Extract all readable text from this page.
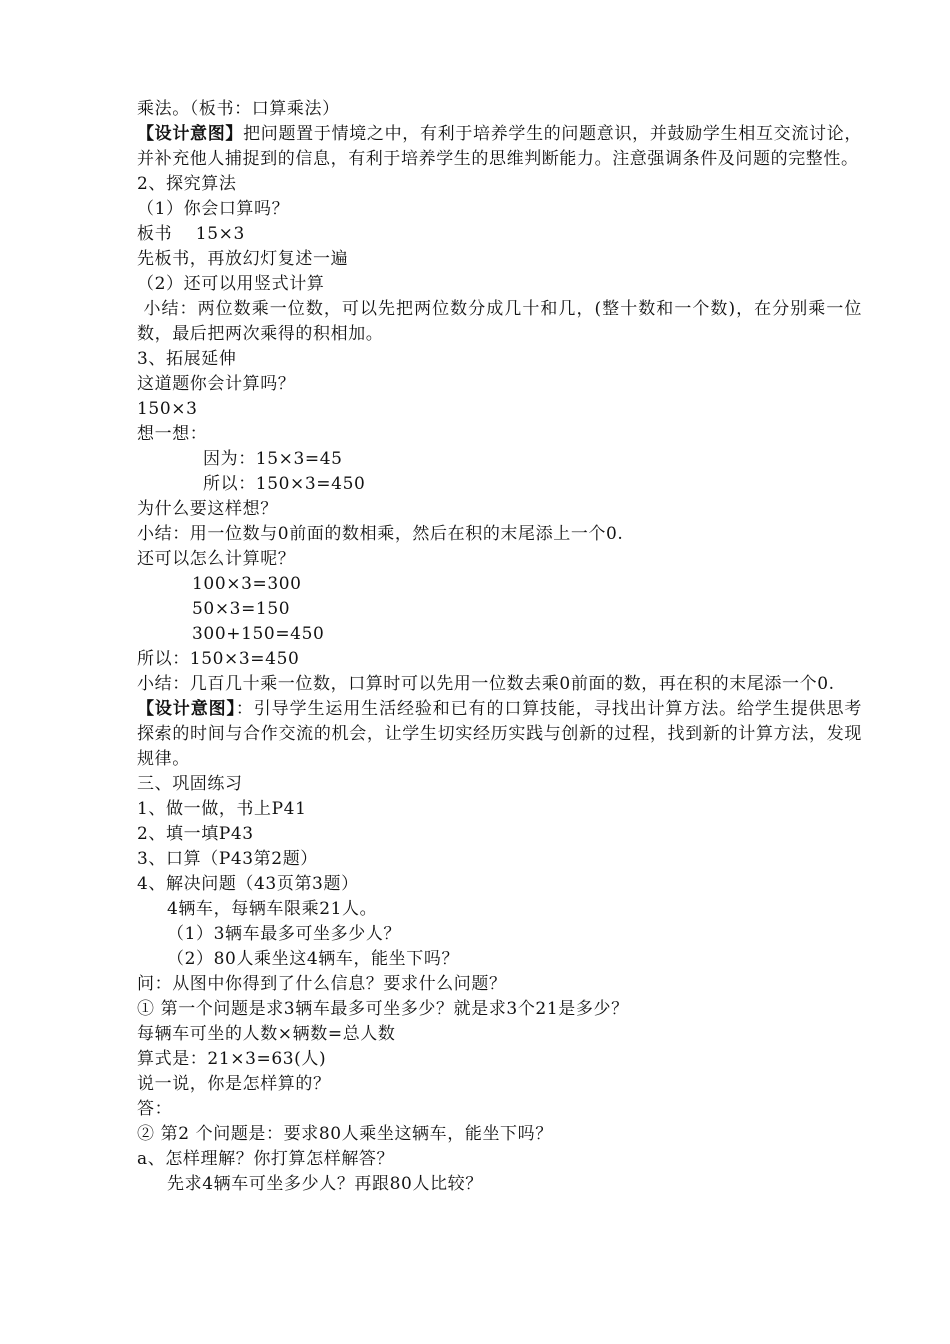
乘法。（板书：口算乘法）

【设计意图】把问题置于情境之中，有利于培养学生的问题意识，并鼓励学生相互交流讨论，并补充他人捕捉到的信息，有利于培养学生的思维判断能力。注意强调条件及问题的完整性。

2、探究算法

（1）你会口算吗？

板书　 15×3

先板书，再放幻灯复述一遍

（2）还可以用竖式计算

小结：两位数乘一位数，可以先把两位数分成几十和几，(整十数和一个数)，在分别乘一位数，最后把两次乘得的积相加。

3、拓展延伸

这道题你会计算吗？

150×3

想一想：

因为：15×3=45

所以：150×3=450

为什么要这样想？

小结：用一位数与0前面的数相乘，然后在积的末尾添上一个0.

还可以怎么计算呢？

100×3=300

50×3=150

300+150=450

所以：150×3=450

小结：几百几十乘一位数，口算时可以先用一位数去乘0前面的数，再在积的末尾添一个0.

【设计意图】：引导学生运用生活经验和已有的口算技能，寻找出计算方法。给学生提供思考探索的时间与合作交流的机会，让学生切实经历实践与创新的过程，找到新的计算方法，发现规律。

三、巩固练习

1、做一做，书上P41

2、填一填P43

3、口算（P43第2题）

4、解决问题（43页第3题）

4辆车，每辆车限乘21人。

（1）3辆车最多可坐多少人？

（2）80人乘坐这4辆车，能坐下吗？

问：从图中你得到了什么信息？要求什么问题？

① 第一个问题是求3辆车最多可坐多少？就是求3个21是多少？

每辆车可坐的人数×辆数=总人数

算式是：21×3=63(人)

说一说，你是怎样算的？

答：

② 第2 个问题是：要求80人乘坐这辆车，能坐下吗？

a、怎样理解？你打算怎样解答？

先求4辆车可坐多少人？再跟80人比较？
